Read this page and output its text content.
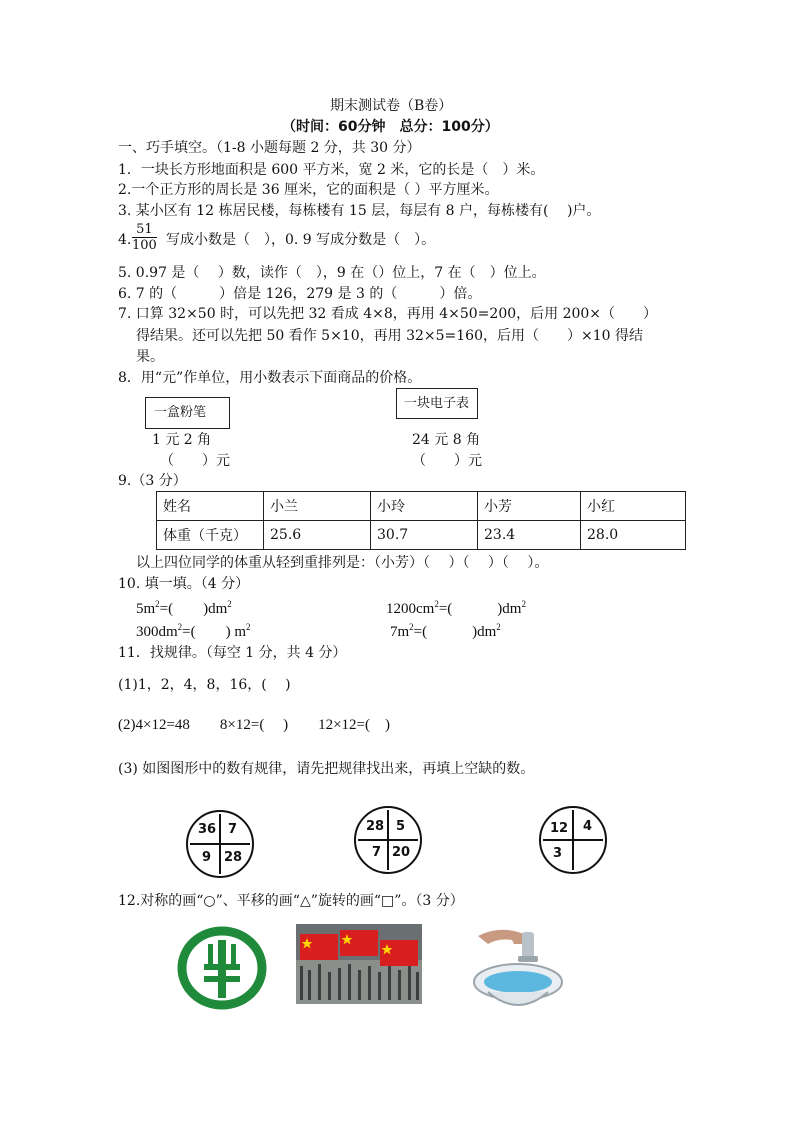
期末测试卷（B卷）
（时间：60分钟　总分：100分）
一、巧手填空。（1-8 小题每题 2 分，共 30 分）
1．一块长方形地面积是 600 平方米，宽 2 米，它的长是（　）米。
2.一个正方形的周长是 36 厘米，它的面积是（ ）平方厘米。
3. 某小区有 12 栋居民楼，每栋楼有 15 层，每层有 8 户，每栋楼有(　 )户。
4. $\frac{51}{100}$ 写成小数是（　），0. 9 写成分数是（　）。
5. 0.97 是（　 ）数，读作（　），9 在（）位上，7 在（　）位上。
6. 7 的（　　　）倍是 126，279 是 3 的（　　　）倍。
7. 口算 32×50 时，可以先把 32 看成 4×8，再用 4×50=200，后用 200×（　　）
得结果。还可以先把 50 看作 5×10，再用 32×5=160，后用（　　）×10 得结
果。
8．用“元”作单位，用小数表示下面商品的价格。
一盒粉笔
一块电子表
1 元 2 角
（　　）元
24 元 8 角
（　　）元
9.（3 分）
姓名	小兰	小玲	小芳	小红
体重（千克）	25.6	30.7	23.4	28.0
以上四位同学的体重从轻到重排列是：（小芳）（　 ）（　 ）（　 ）。
10. 填一填。（4 分）
$5m^2=$(　　)$dm^2$	$1200cm^2=$(　　　)$dm^2$
$300dm^2=$(　　) $m^2$	$7m^2=$(　　　)$dm^2$
11．找规律。（每空 1 分，共 4 分）
(1)1，2，4，8，16，(　 )
(2)4×12=48　　8×12=(　 )　　12×12=(　)
(3) 如图图形中的数有规律，请先把规律找出来，再填上空缺的数。
36 7
9 28
28 5
7 20
12 4
3
12.对称的画“○”、平移的画“△”旋转的画“□”。（3 分）
